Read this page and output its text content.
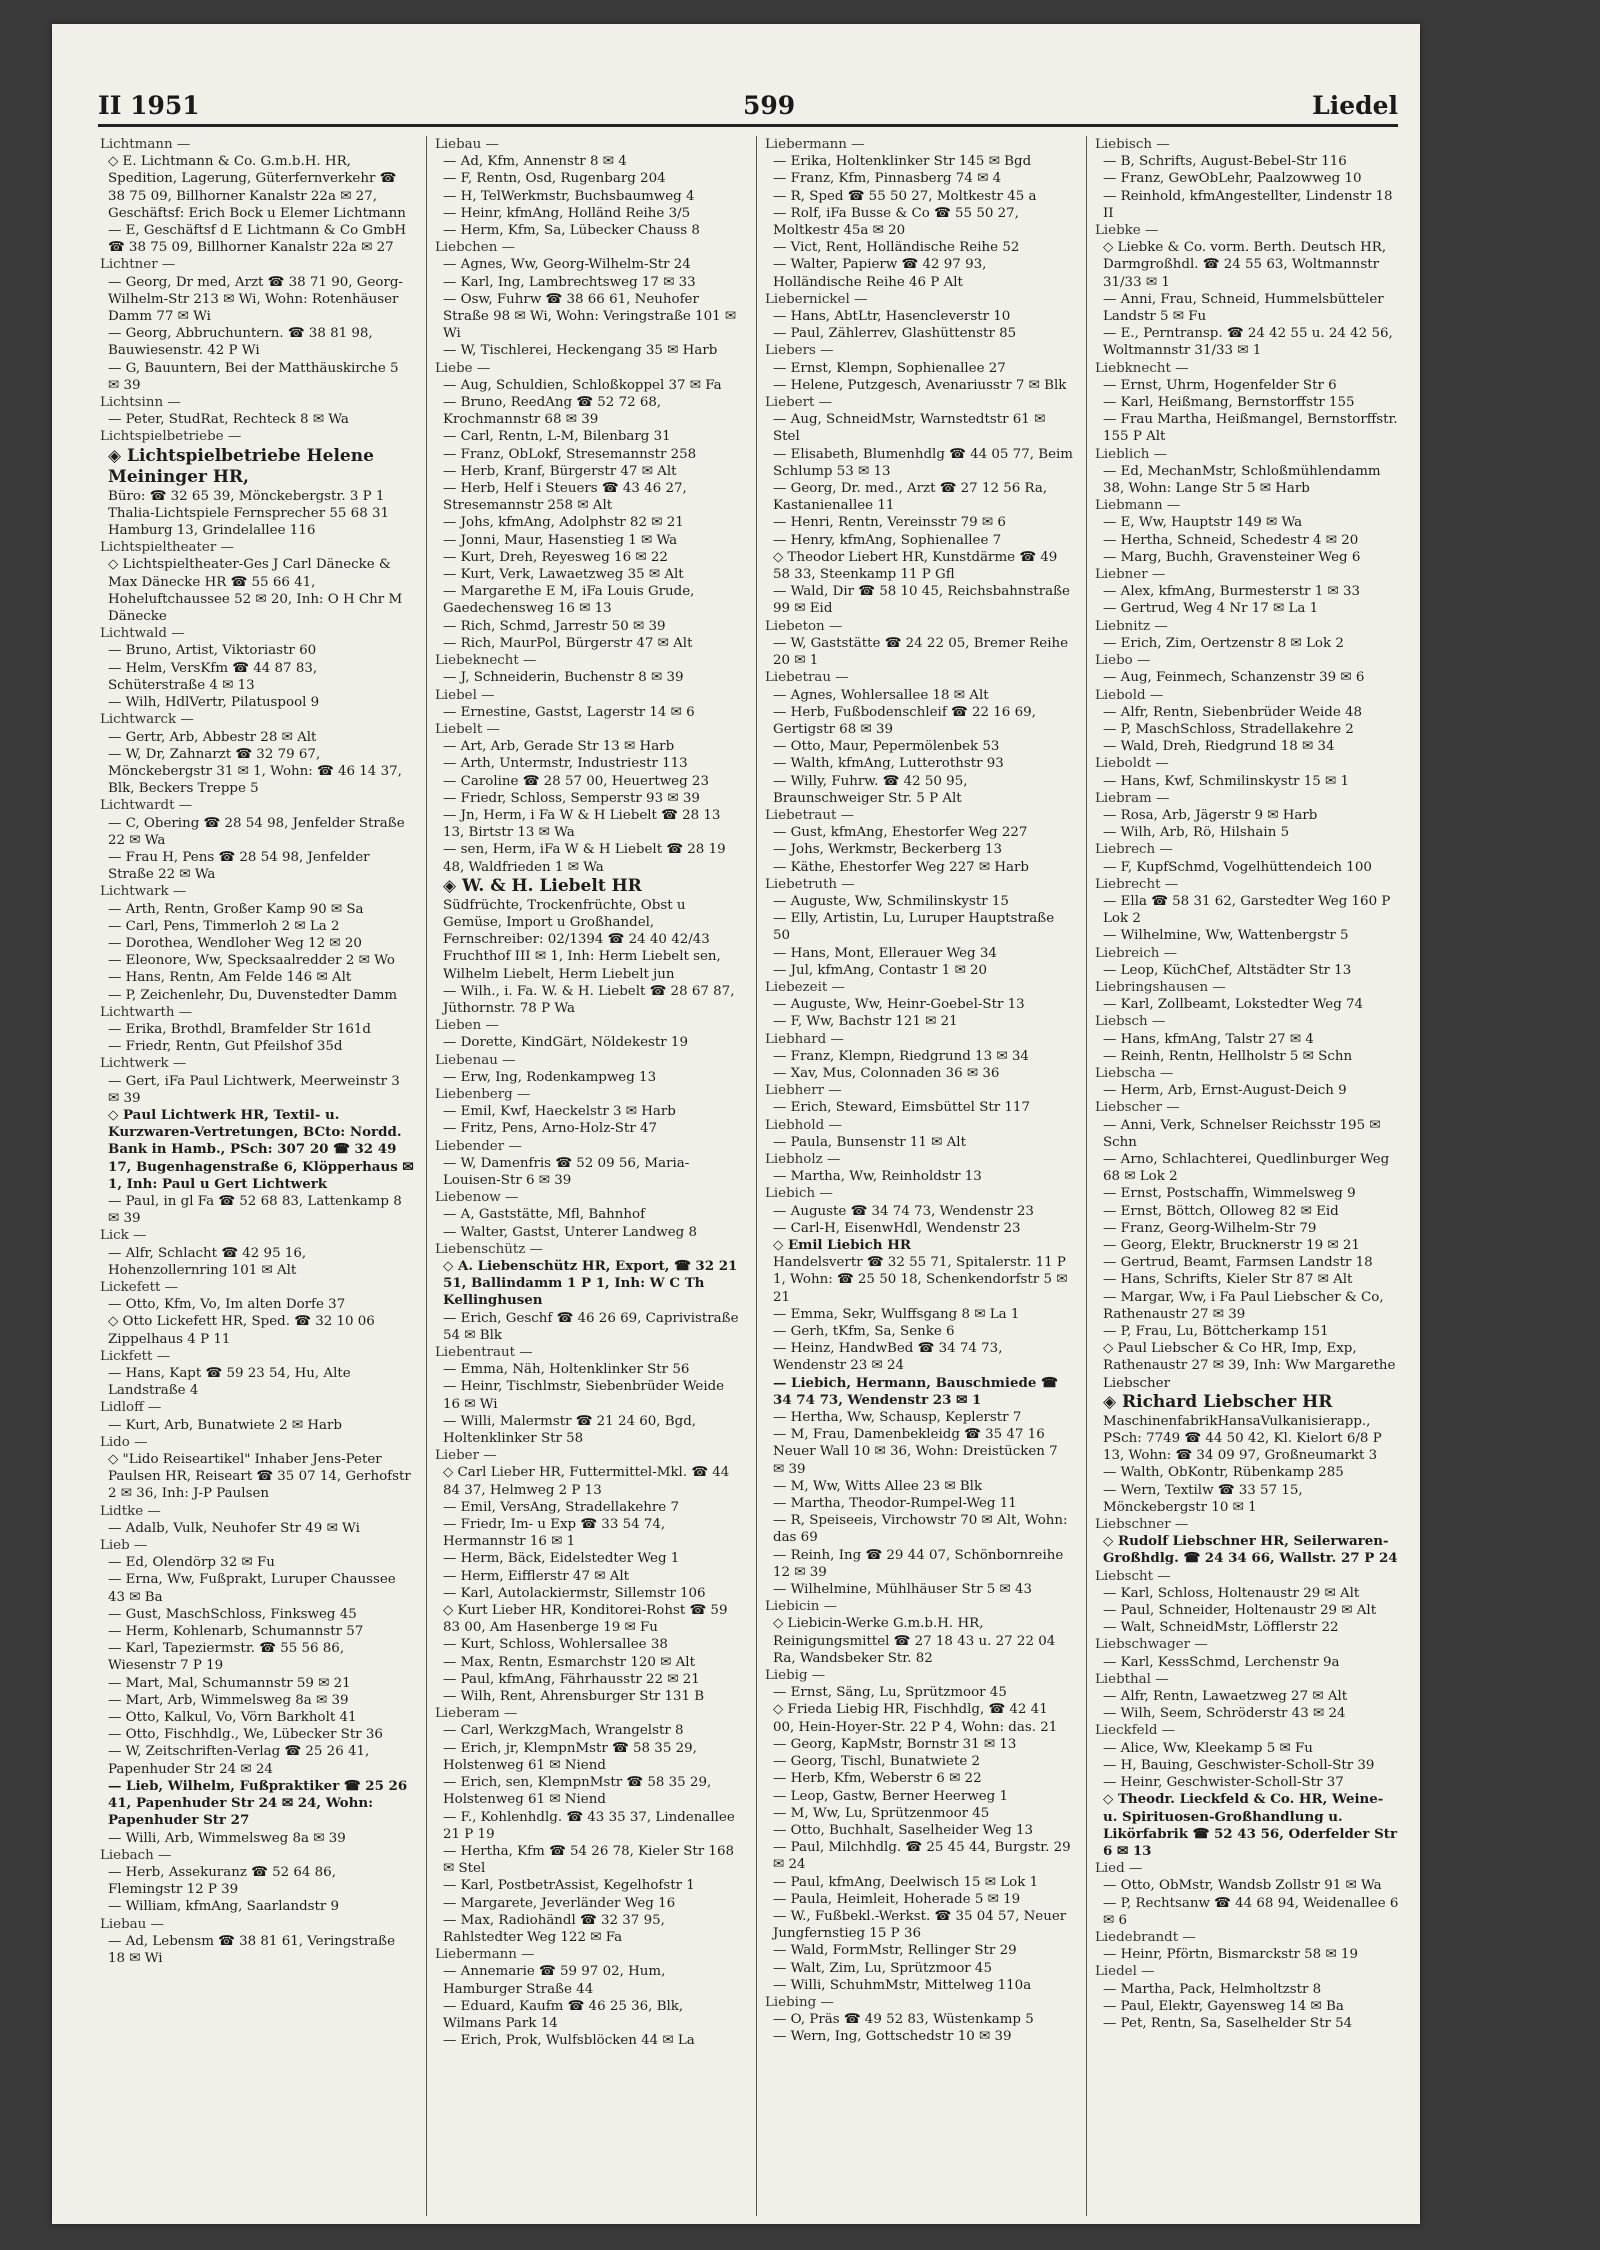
II 1951	599	Liedel

Lichtmann —

◇ E. Lichtmann & Co. G.m.b.H. HR, Spedition, Lagerung, Güterfernverkehr ☎ 38 75 09, Billhorner Kanalstr 22a ✉ 27, Geschäftsf: Erich Bock u Elemer Lichtmann

— E, Geschäftsf d E Lichtmann & Co GmbH ☎ 38 75 09, Billhorner Kanalstr 22a ✉ 27

Lichtner —

— Georg, Dr med, Arzt ☎ 38 71 90, Georg-Wilhelm-Str 213 ✉ Wi, Wohn: Rotenhäuser Damm 77 ✉ Wi

— Georg, Abbruchuntern. ☎ 38 81 98, Bauwiesenstr. 42 P Wi

— G, Bauuntern, Bei der Matthäuskirche 5 ✉ 39

Lichtsinn —

— Peter, StudRat, Rechteck 8 ✉ Wa

Lichtspielbetriebe —

◈ Lichtspielbetriebe Helene Meininger HR,

Büro: ☎ 32 65 39, Mönckebergstr. 3 P 1 Thalia-Lichtspiele Fernsprecher 55 68 31 Hamburg 13, Grindelallee 116

Lichtspieltheater —

◇ Lichtspieltheater-Ges J Carl Dänecke & Max Dänecke HR ☎ 55 66 41, Hoheluftchaussee 52 ✉ 20, Inh: O H Chr M Dänecke

Lichtwald —

— Bruno, Artist, Viktoriastr 60

— Helm, VersKfm ☎ 44 87 83, Schüterstraße 4 ✉ 13

— Wilh, HdlVertr, Pilatuspool 9

Lichtwarck —

— Gertr, Arb, Abbestr 28 ✉ Alt

— W, Dr, Zahnarzt ☎ 32 79 67, Mönckebergstr 31 ✉ 1, Wohn: ☎ 46 14 37, Blk, Beckers Treppe 5

Lichtwardt —

— C, Obering ☎ 28 54 98, Jenfelder Straße 22 ✉ Wa

— Frau H, Pens ☎ 28 54 98, Jenfelder Straße 22 ✉ Wa

Lichtwark —

— Arth, Rentn, Großer Kamp 90 ✉ Sa

— Carl, Pens, Timmerloh 2 ✉ La 2

— Dorothea, Wendloher Weg 12 ✉ 20

— Eleonore, Ww, Specksaalredder 2 ✉ Wo

— Hans, Rentn, Am Felde 146 ✉ Alt

— P, Zeichenlehr, Du, Duvenstedter Damm

Lichtwarth —

— Erika, Brothdl, Bramfelder Str 161d

— Friedr, Rentn, Gut Pfeilshof 35d

Lichtwerk —

— Gert, iFa Paul Lichtwerk, Meerweinstr 3 ✉ 39

◇ Paul Lichtwerk HR, Textil- u. Kurzwaren-Vertretungen, BCto: Nordd. Bank in Hamb., PSch: 307 20 ☎ 32 49 17, Bugenhagenstraße 6, Klöpperhaus ✉ 1, Inh: Paul u Gert Lichtwerk

— Paul, in gl Fa ☎ 52 68 83, Lattenkamp 8 ✉ 39

Lick —

— Alfr, Schlacht ☎ 42 95 16, Hohenzollernring 101 ✉ Alt

Lickefett —

— Otto, Kfm, Vo, Im alten Dorfe 37

◇ Otto Lickefett HR, Sped. ☎ 32 10 06 Zippelhaus 4 P 11

Lickfett —

— Hans, Kapt ☎ 59 23 54, Hu, Alte Landstraße 4

Lidloff —

— Kurt, Arb, Bunatwiete 2 ✉ Harb

Lido —

◇ "Lido Reiseartikel" Inhaber Jens-Peter Paulsen HR, Reiseart ☎ 35 07 14, Gerhofstr 2 ✉ 36, Inh: J-P Paulsen

Lidtke —

— Adalb, Vulk, Neuhofer Str 49 ✉ Wi

Lieb —

— Ed, Olendörp 32 ✉ Fu

— Erna, Ww, Fußprakt, Luruper Chaussee 43 ✉ Ba

— Gust, MaschSchloss, Finksweg 45

— Herm, Kohlenarb, Schumannstr 57

— Karl, Tapeziermstr. ☎ 55 56 86, Wiesenstr 7 P 19

— Mart, Mal, Schumannstr 59 ✉ 21

— Mart, Arb, Wimmelsweg 8a ✉ 39

— Otto, Kalkul, Vo, Vörn Barkholt 41

— Otto, Fischhdlg., We, Lübecker Str 36

— W, Zeitschriften-Verlag ☎ 25 26 41, Papenhuder Str 24 ✉ 24

— Lieb, Wilhelm, Fußpraktiker ☎ 25 26 41, Papenhuder Str 24 ✉ 24, Wohn: Papenhuder Str 27

— Willi, Arb, Wimmelsweg 8a ✉ 39

Liebach —

— Herb, Assekuranz ☎ 52 64 86, Flemingstr 12 P 39

— William, kfmAng, Saarlandstr 9

Liebau —

— Ad, Lebensm ☎ 38 81 61, Veringstraße 18 ✉ Wi

Liebau —

— Ad, Kfm, Annenstr 8 ✉ 4

— F, Rentn, Osd, Rugenbarg 204

— H, TelWerkmstr, Buchsbaumweg 4

— Heinr, kfmAng, Holländ Reihe 3/5

— Herm, Kfm, Sa, Lübecker Chauss 8

Liebchen —

— Agnes, Ww, Georg-Wilhelm-Str 24

— Karl, Ing, Lambrechtsweg 17 ✉ 33

— Osw, Fuhrw ☎ 38 66 61, Neuhofer Straße 98 ✉ Wi, Wohn: Veringstraße 101 ✉ Wi

— W, Tischlerei, Heckengang 35 ✉ Harb

Liebe —

— Aug, Schuldien, Schloßkoppel 37 ✉ Fa

— Bruno, ReedAng ☎ 52 72 68, Krochmannstr 68 ✉ 39

— Carl, Rentn, L-M, Bilenbarg 31

— Franz, ObLokf, Stresemannstr 258

— Herb, Kranf, Bürgerstr 47 ✉ Alt

— Herb, Helf i Steuers ☎ 43 46 27, Stresemannstr 258 ✉ Alt

— Johs, kfmAng, Adolphstr 82 ✉ 21

— Jonni, Maur, Hasenstieg 1 ✉ Wa

— Kurt, Dreh, Reyesweg 16 ✉ 22

— Kurt, Verk, Lawaetzweg 35 ✉ Alt

— Margarethe E M, iFa Louis Grude, Gaedechensweg 16 ✉ 13

— Rich, Schmd, Jarrestr 50 ✉ 39

— Rich, MaurPol, Bürgerstr 47 ✉ Alt

Liebeknecht —

— J, Schneiderin, Buchenstr 8 ✉ 39

Liebel —

— Ernestine, Gastst, Lagerstr 14 ✉ 6

Liebelt —

— Art, Arb, Gerade Str 13 ✉ Harb

— Arth, Untermstr, Industriestr 113

— Caroline ☎ 28 57 00, Heuertweg 23

— Friedr, Schloss, Semperstr 93 ✉ 39

— Jn, Herm, i Fa W & H Liebelt ☎ 28 13 13, Birtstr 13 ✉ Wa

— sen, Herm, iFa W & H Liebelt ☎ 28 19 48, Waldfrieden 1 ✉ Wa

◈ W. & H. Liebelt HR

Südfrüchte, Trockenfrüchte, Obst u Gemüse, Import u Großhandel, Fernschreiber: 02/1394 ☎ 24 40 42/43 Fruchthof III ✉ 1, Inh: Herm Liebelt sen, Wilhelm Liebelt, Herm Liebelt jun

— Wilh., i. Fa. W. & H. Liebelt ☎ 28 67 87, Jüthornstr. 78 P Wa

Lieben —

— Dorette, KindGärt, Nöldekestr 19

Liebenau —

— Erw, Ing, Rodenkampweg 13

Liebenberg —

— Emil, Kwf, Haeckelstr 3 ✉ Harb

— Fritz, Pens, Arno-Holz-Str 47

Liebender —

— W, Damenfris ☎ 52 09 56, Maria-Louisen-Str 6 ✉ 39

Liebenow —

— A, Gaststätte, Mfl, Bahnhof

— Walter, Gastst, Unterer Landweg 8

Liebenschütz —

◇ A. Liebenschütz HR, Export, ☎ 32 21 51, Ballindamm 1 P 1, Inh: W C Th Kellinghusen

— Erich, Geschf ☎ 46 26 69, Caprivistraße 54 ✉ Blk

Liebentraut —

— Emma, Näh, Holtenklinker Str 56

— Heinr, Tischlmstr, Siebenbrüder Weide 16 ✉ Wi

— Willi, Malermstr ☎ 21 24 60, Bgd, Holtenklinker Str 58

Lieber —

◇ Carl Lieber HR, Futtermittel-Mkl. ☎ 44 84 37, Helmweg 2 P 13

— Emil, VersAng, Stradellakehre 7

— Friedr, Im- u Exp ☎ 33 54 74, Hermannstr 16 ✉ 1

— Herm, Bäck, Eidelstedter Weg 1

— Herm, Eifflerstr 47 ✉ Alt

— Karl, Autolackiermstr, Sillemstr 106

◇ Kurt Lieber HR, Konditorei-Rohst ☎ 59 83 00, Am Hasenberge 19 ✉ Fu

— Kurt, Schloss, Wohlersallee 38

— Max, Rentn, Esmarchstr 120 ✉ Alt

— Paul, kfmAng, Fährhausstr 22 ✉ 21

— Wilh, Rent, Ahrensburger Str 131 B

Lieberam —

— Carl, WerkzgMach, Wrangelstr 8

— Erich, jr, KlempnMstr ☎ 58 35 29, Holstenweg 61 ✉ Niend

— Erich, sen, KlempnMstr ☎ 58 35 29, Holstenweg 61 ✉ Niend

— F., Kohlenhdlg. ☎ 43 35 37, Lindenallee 21 P 19

— Hertha, Kfm ☎ 54 26 78, Kieler Str 168 ✉ Stel

— Karl, PostbetrAssist, Kegelhofstr 1

— Margarete, Jeverländer Weg 16

— Max, Radiohändl ☎ 32 37 95, Rahlstedter Weg 122 ✉ Fa

Liebermann —

— Annemarie ☎ 59 97 02, Hum, Hamburger Straße 44

— Eduard, Kaufm ☎ 46 25 36, Blk, Wilmans Park 14

— Erich, Prok, Wulfsblöcken 44 ✉ La

Liebermann —

— Erika, Holtenklinker Str 145 ✉ Bgd

— Franz, Kfm, Pinnasberg 74 ✉ 4

— R, Sped ☎ 55 50 27, Moltkestr 45 a

— Rolf, iFa Busse & Co ☎ 55 50 27, Moltkestr 45a ✉ 20

— Vict, Rent, Holländische Reihe 52

— Walter, Papierw ☎ 42 97 93, Holländische Reihe 46 P Alt

Liebernickel —

— Hans, AbtLtr, Hasencleverstr 10

— Paul, Zählerrev, Glashüttenstr 85

Liebers —

— Ernst, Klempn, Sophienallee 27

— Helene, Putzgesch, Avenariusstr 7 ✉ Blk

Liebert —

— Aug, SchneidMstr, Warnstedtstr 61 ✉ Stel

— Elisabeth, Blumenhdlg ☎ 44 05 77, Beim Schlump 53 ✉ 13

— Georg, Dr. med., Arzt ☎ 27 12 56 Ra, Kastanienallee 11

— Henri, Rentn, Vereinsstr 79 ✉ 6

— Henry, kfmAng, Sophienallee 7

◇ Theodor Liebert HR, Kunstdärme ☎ 49 58 33, Steenkamp 11 P Gfl

— Wald, Dir ☎ 58 10 45, Reichsbahnstraße 99 ✉ Eid

Liebeton —

— W, Gaststätte ☎ 24 22 05, Bremer Reihe 20 ✉ 1

Liebetrau —

— Agnes, Wohlersallee 18 ✉ Alt

— Herb, Fußbodenschleif ☎ 22 16 69, Gertigstr 68 ✉ 39

— Otto, Maur, Pepermölenbek 53

— Walth, kfmAng, Lutterothstr 93

— Willy, Fuhrw. ☎ 42 50 95, Braunschweiger Str. 5 P Alt

Liebetraut —

— Gust, kfmAng, Ehestorfer Weg 227

— Johs, Werkmstr, Beckerberg 13

— Käthe, Ehestorfer Weg 227 ✉ Harb

Liebetruth —

— Auguste, Ww, Schmilinskystr 15

— Elly, Artistin, Lu, Luruper Hauptstraße 50

— Hans, Mont, Ellerauer Weg 34

— Jul, kfmAng, Contastr 1 ✉ 20

Liebezeit —

— Auguste, Ww, Heinr-Goebel-Str 13

— F, Ww, Bachstr 121 ✉ 21

Liebhard —

— Franz, Klempn, Riedgrund 13 ✉ 34

— Xav, Mus, Colonnaden 36 ✉ 36

Liebherr —

— Erich, Steward, Eimsbüttel Str 117

Liebhold —

— Paula, Bunsenstr 11 ✉ Alt

Liebholz —

— Martha, Ww, Reinholdstr 13

Liebich —

— Auguste ☎ 34 74 73, Wendenstr 23

— Carl-H, EisenwHdl, Wendenstr 23

◇ Emil Liebich HR

Handelsvertr ☎ 32 55 71, Spitalerstr. 11 P 1, Wohn: ☎ 25 50 18, Schenkendorfstr 5 ✉ 21

— Emma, Sekr, Wulffsgang 8 ✉ La 1

— Gerh, tKfm, Sa, Senke 6

— Heinz, HandwBed ☎ 34 74 73, Wendenstr 23 ✉ 24

— Liebich, Hermann, Bauschmiede ☎ 34 74 73, Wendenstr 23 ✉ 1

— Hertha, Ww, Schausp, Keplerstr 7

— M, Frau, Damenbekleidg ☎ 35 47 16 Neuer Wall 10 ✉ 36, Wohn: Dreistücken 7 ✉ 39

— M, Ww, Witts Allee 23 ✉ Blk

— Martha, Theodor-Rumpel-Weg 11

— R, Speiseeis, Virchowstr 70 ✉ Alt, Wohn: das 69

— Reinh, Ing ☎ 29 44 07, Schönbornreihe 12 ✉ 39

— Wilhelmine, Mühlhäuser Str 5 ✉ 43

Liebicin —

◇ Liebicin-Werke G.m.b.H. HR, Reinigungsmittel ☎ 27 18 43 u. 27 22 04 Ra, Wandsbeker Str. 82

Liebig —

— Ernst, Säng, Lu, Sprützmoor 45

◇ Frieda Liebig HR, Fischhdlg, ☎ 42 41 00, Hein-Hoyer-Str. 22 P 4, Wohn: das. 21

— Georg, KapMstr, Bornstr 31 ✉ 13

— Georg, Tischl, Bunatwiete 2

— Herb, Kfm, Weberstr 6 ✉ 22

— Leop, Gastw, Berner Heerweg 1

— M, Ww, Lu, Sprützenmoor 45

— Otto, Buchhalt, Saselheider Weg 13

— Paul, Milchhdlg. ☎ 25 45 44, Burgstr. 29 ✉ 24

— Paul, kfmAng, Deelwisch 15 ✉ Lok 1

— Paula, Heimleit, Hoherade 5 ✉ 19

— W., Fußbekl.-Werkst. ☎ 35 04 57, Neuer Jungfernstieg 15 P 36

— Wald, FormMstr, Rellinger Str 29

— Walt, Zim, Lu, Sprützmoor 45

— Willi, SchuhmMstr, Mittelweg 110a

Liebing —

— O, Präs ☎ 49 52 83, Wüstenkamp 5

— Wern, Ing, Gottschedstr 10 ✉ 39

Liebisch —

— B, Schrifts, August-Bebel-Str 116

— Franz, GewObLehr, Paalzowweg 10

— Reinhold, kfmAngestellter, Lindenstr 18 II

Liebke —

◇ Liebke & Co. vorm. Berth. Deutsch HR, Darmgroßhdl. ☎ 24 55 63, Woltmannstr 31/33 ✉ 1

— Anni, Frau, Schneid, Hummelsbütteler Landstr 5 ✉ Fu

— E., Perntransp. ☎ 24 42 55 u. 24 42 56, Woltmannstr 31/33 ✉ 1

Liebknecht —

— Ernst, Uhrm, Hogenfelder Str 6

— Karl, Heißmang, Bernstorffstr 155

— Frau Martha, Heißmangel, Bernstorffstr. 155 P Alt

Lieblich —

— Ed, MechanMstr, Schloßmühlendamm 38, Wohn: Lange Str 5 ✉ Harb

Liebmann —

— E, Ww, Hauptstr 149 ✉ Wa

— Hertha, Schneid, Schedestr 4 ✉ 20

— Marg, Buchh, Gravensteiner Weg 6

Liebner —

— Alex, kfmAng, Burmesterstr 1 ✉ 33

— Gertrud, Weg 4 Nr 17 ✉ La 1

Liebnitz —

— Erich, Zim, Oertzenstr 8 ✉ Lok 2

Liebo —

— Aug, Feinmech, Schanzenstr 39 ✉ 6

Liebold —

— Alfr, Rentn, Siebenbrüder Weide 48

— P, MaschSchloss, Stradellakehre 2

— Wald, Dreh, Riedgrund 18 ✉ 34

Lieboldt —

— Hans, Kwf, Schmilinskystr 15 ✉ 1

Liebram —

— Rosa, Arb, Jägerstr 9 ✉ Harb

— Wilh, Arb, Rö, Hilshain 5

Liebrech —

— F, KupfSchmd, Vogelhüttendeich 100

Liebrecht —

— Ella ☎ 58 31 62, Garstedter Weg 160 P Lok 2

— Wilhelmine, Ww, Wattenbergstr 5

Liebreich —

— Leop, KüchChef, Altstädter Str 13

Liebringshausen —

— Karl, Zollbeamt, Lokstedter Weg 74

Liebsch —

— Hans, kfmAng, Talstr 27 ✉ 4

— Reinh, Rentn, Hellholstr 5 ✉ Schn

Liebscha —

— Herm, Arb, Ernst-August-Deich 9

Liebscher —

— Anni, Verk, Schnelser Reichsstr 195 ✉ Schn

— Arno, Schlachterei, Quedlinburger Weg 68 ✉ Lok 2

— Ernst, Postschaffn, Wimmelsweg 9

— Ernst, Böttch, Olloweg 82 ✉ Eid

— Franz, Georg-Wilhelm-Str 79

— Georg, Elektr, Brucknerstr 19 ✉ 21

— Gertrud, Beamt, Farmsen Landstr 18

— Hans, Schrifts, Kieler Str 87 ✉ Alt

— Margar, Ww, i Fa Paul Liebscher & Co, Rathenaustr 27 ✉ 39

— P, Frau, Lu, Böttcherkamp 151

◇ Paul Liebscher & Co HR, Imp, Exp, Rathenaustr 27 ✉ 39, Inh: Ww Margarethe Liebscher

◈ Richard Liebscher HR

MaschinenfabrikHansaVulkanisierapp., PSch: 7749 ☎ 44 50 42, Kl. Kielort 6/8 P 13, Wohn: ☎ 34 09 97, Großneumarkt 3

— Walth, ObKontr, Rübenkamp 285

— Wern, Textilw ☎ 33 57 15, Mönckebergstr 10 ✉ 1

Liebschner —

◇ Rudolf Liebschner HR, Seilerwaren-Großhdlg. ☎ 24 34 66, Wallstr. 27 P 24

Liebscht —

— Karl, Schloss, Holtenaustr 29 ✉ Alt

— Paul, Schneider, Holtenaustr 29 ✉ Alt

— Walt, SchneidMstr, Löfflerstr 22

Liebschwager —

— Karl, KessSchmd, Lerchenstr 9a

Liebthal —

— Alfr, Rentn, Lawaetzweg 27 ✉ Alt

— Wilh, Seem, Schröderstr 43 ✉ 24

Lieckfeld —

— Alice, Ww, Kleekamp 5 ✉ Fu

— H, Bauing, Geschwister-Scholl-Str 39

— Heinr, Geschwister-Scholl-Str 37

◇ Theodr. Lieckfeld & Co. HR, Weine- u. Spirituosen-Großhandlung u. Likörfabrik ☎ 52 43 56, Oderfelder Str 6 ✉ 13

Lied —

— Otto, ObMstr, Wandsb Zollstr 91 ✉ Wa

— P, Rechtsanw ☎ 44 68 94, Weidenallee 6 ✉ 6

Liedebrandt —

— Heinr, Pförtn, Bismarckstr 58 ✉ 19

Liedel —

— Martha, Pack, Helmholtzstr 8

— Paul, Elektr, Gayensweg 14 ✉ Ba

— Pet, Rentn, Sa, Saselhelder Str 54
